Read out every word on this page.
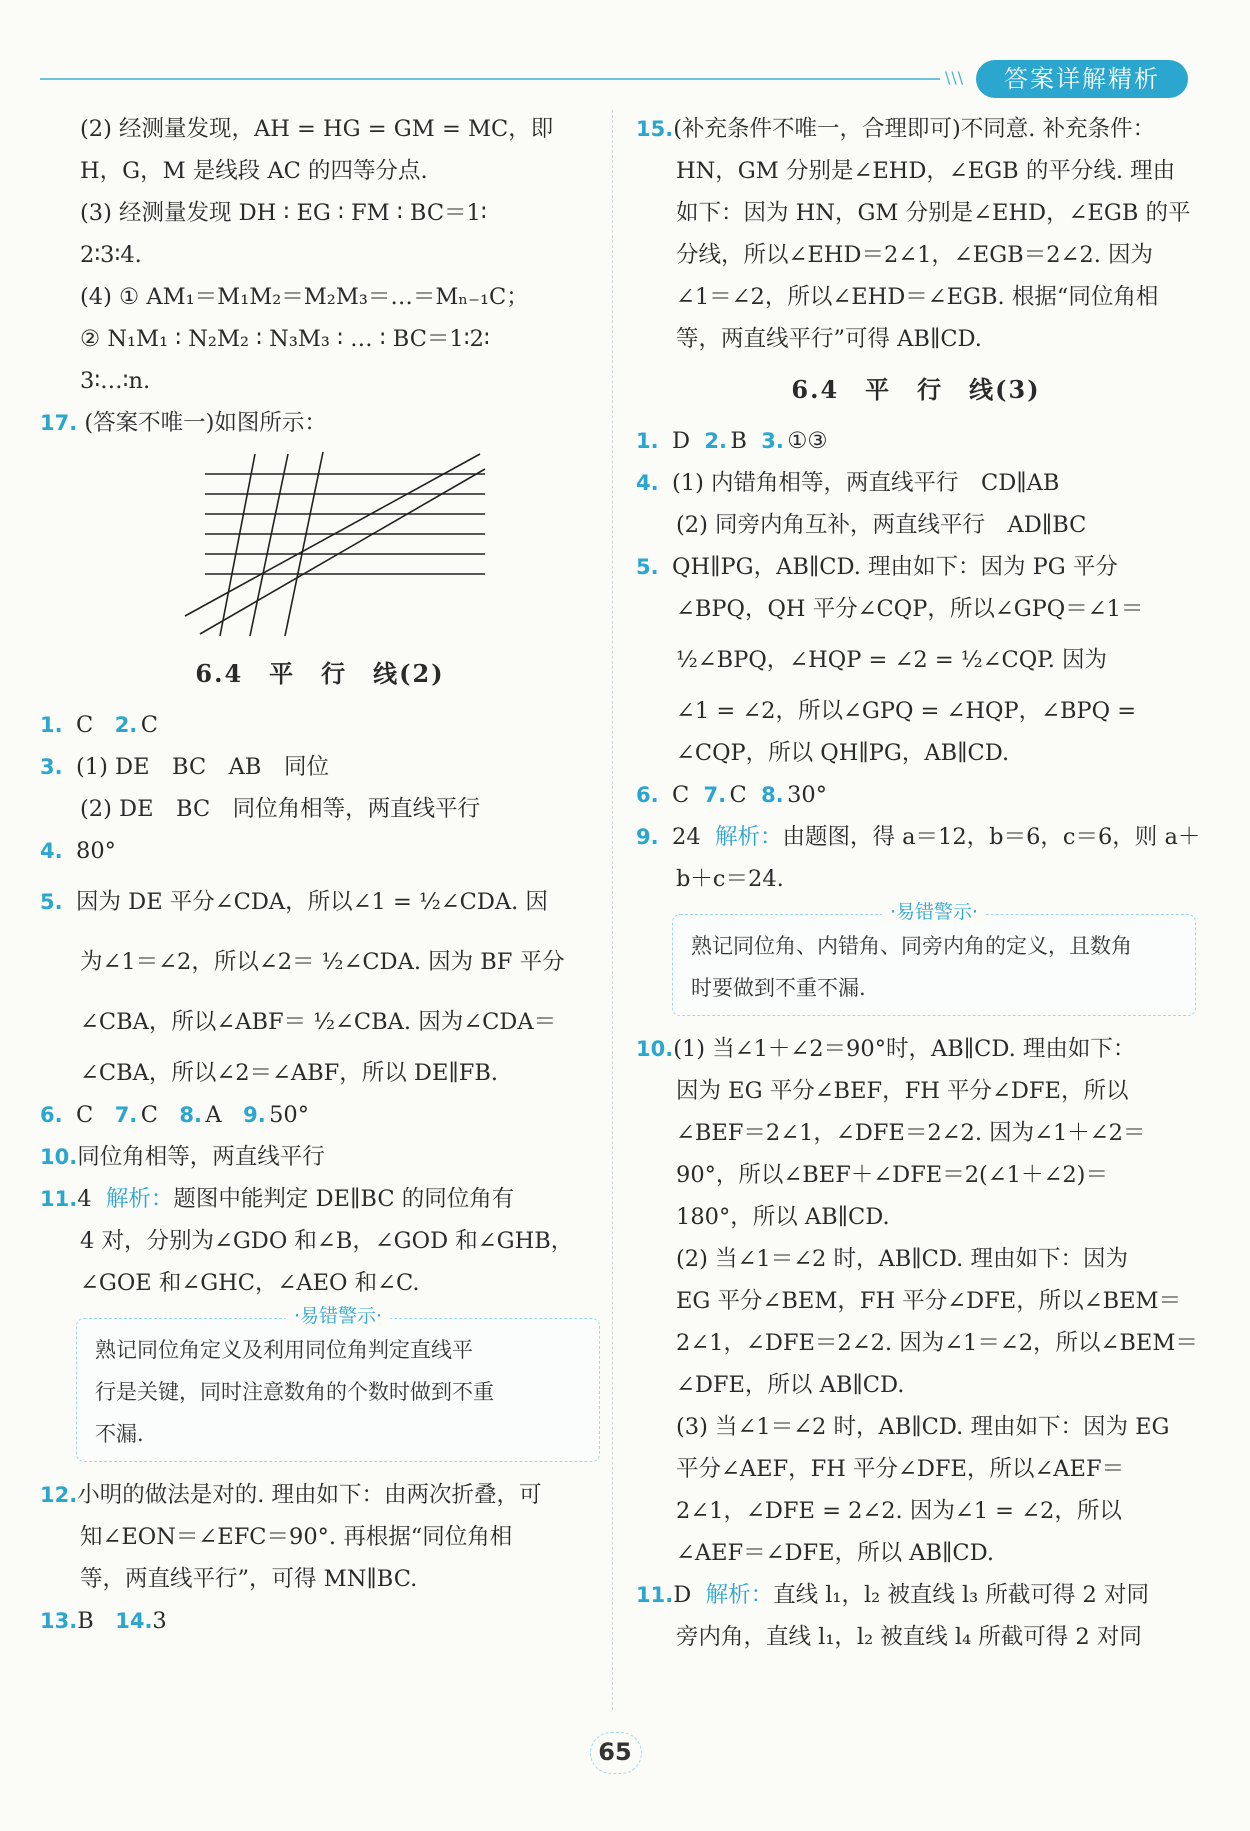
\\\	答案详解精析
(2) 经测量发现，AH = HG = GM = MC，即
H，G，M 是线段 AC 的四等分点.
(3) 经测量发现 DH ∶ EG ∶ FM ∶ BC＝1∶
2∶3∶4.
(4) ① AM₁＝M₁M₂＝M₂M₃＝…＝Mₙ₋₁C；
② N₁M₁ ∶ N₂M₂ ∶ N₃M₃ ∶ … ∶ BC＝1∶2∶
3∶…∶n.
17. (答案不唯一)如图所示：
6.4　平　行　线(2)
1. C 2. C
3. (1) DE　BC　AB　同位
(2) DE　BC　同位角相等，两直线平行
4. 80°
5. 因为 DE 平分∠CDA，所以∠1 = ½∠CDA. 因
为∠1＝∠2，所以∠2＝ ½∠CDA. 因为 BF 平分
∠CBA，所以∠ABF＝ ½∠CBA. 因为∠CDA＝
∠CBA，所以∠2＝∠ABF，所以 DE∥FB.
6. C 7. C 8. A 9. 50°
10.同位角相等，两直线平行
11.4 解析：题图中能判定 DE∥BC 的同位角有
4 对，分别为∠GDO 和∠B，∠GOD 和∠GHB，
∠GOE 和∠GHC，∠AEO 和∠C.
·易错警示·
熟记同位角定义及利用同位角判定直线平
行是关键，同时注意数角的个数时做到不重
不漏.
12.小明的做法是对的. 理由如下：由两次折叠，可
知∠EON＝∠EFC＝90°. 再根据“同位角相
等，两直线平行”，可得 MN∥BC.
13.B 14.3
15.(补充条件不唯一，合理即可)不同意. 补充条件：
HN，GM 分别是∠EHD，∠EGB 的平分线. 理由
如下：因为 HN，GM 分别是∠EHD，∠EGB 的平
分线，所以∠EHD＝2∠1，∠EGB＝2∠2. 因为
∠1＝∠2，所以∠EHD＝∠EGB. 根据“同位角相
等，两直线平行”可得 AB∥CD.
6.4　平　行　线(3)
1. D 2. B 3. ①③
4. (1) 内错角相等，两直线平行　CD∥AB
(2) 同旁内角互补，两直线平行　AD∥BC
5. QH∥PG，AB∥CD. 理由如下：因为 PG 平分
∠BPQ，QH 平分∠CQP，所以∠GPQ＝∠1＝
½∠BPQ，∠HQP = ∠2 = ½∠CQP. 因为
∠1 = ∠2，所以∠GPQ = ∠HQP，∠BPQ =
∠CQP，所以 QH∥PG，AB∥CD.
6. C 7. C 8. 30°
9. 24 解析：由题图，得 a＝12，b＝6，c＝6，则 a＋
b＋c＝24.
·易错警示·
熟记同位角、内错角、同旁内角的定义，且数角
时要做到不重不漏.
10.(1) 当∠1＋∠2＝90°时，AB∥CD. 理由如下：
因为 EG 平分∠BEF，FH 平分∠DFE，所以
∠BEF＝2∠1，∠DFE＝2∠2. 因为∠1＋∠2＝
90°，所以∠BEF＋∠DFE＝2(∠1＋∠2)＝
180°，所以 AB∥CD.
(2) 当∠1＝∠2 时，AB∥CD. 理由如下：因为
EG 平分∠BEM，FH 平分∠DFE，所以∠BEM＝
2∠1，∠DFE＝2∠2. 因为∠1＝∠2，所以∠BEM＝
∠DFE，所以 AB∥CD.
(3) 当∠1＝∠2 时，AB∥CD. 理由如下：因为 EG
平分∠AEF，FH 平分∠DFE，所以∠AEF＝
2∠1，∠DFE = 2∠2. 因为∠1 = ∠2，所以
∠AEF＝∠DFE，所以 AB∥CD.
11.D 解析：直线 l₁，l₂ 被直线 l₃ 所截可得 2 对同
旁内角，直线 l₁，l₂ 被直线 l₄ 所截可得 2 对同
65
